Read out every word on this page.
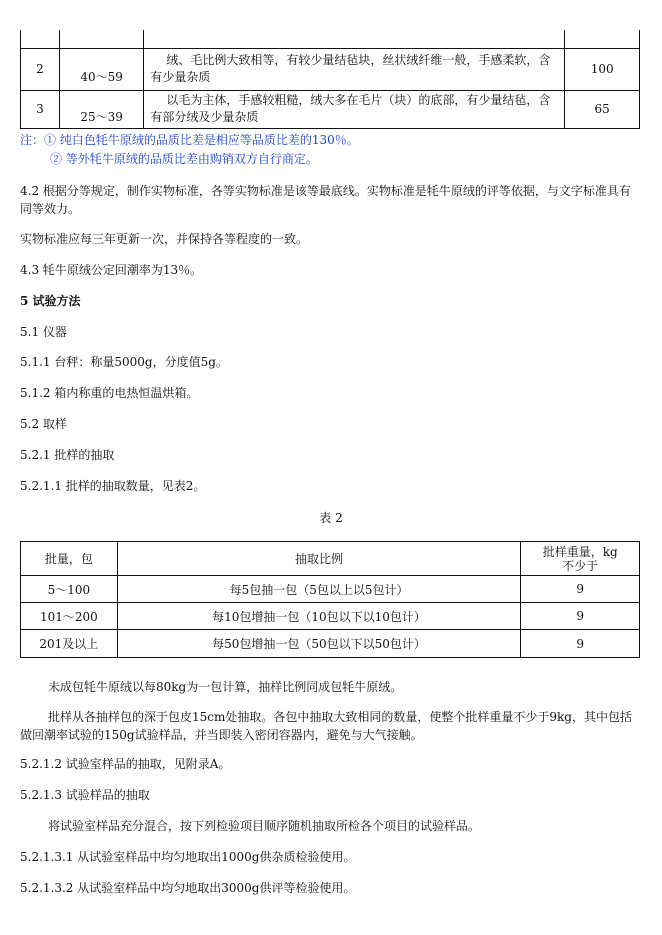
2	40～59	绒、毛比例大致相等，有较少量结毡块，丝状绒纤维一般，手感柔软，含有少量杂质	100
3	25～39	以毛为主体，手感较粗糙，绒大多在毛片（块）的底部，有少量结毡，含有部分绒及少量杂质	65
注：① 纯白色牦牛原绒的品质比差是相应等品质比差的130％。
② 等外牦牛原绒的品质比差由购销双方自行商定。
4.2 根据分等规定，制作实物标准，各等实物标准是该等最底线。实物标准是牦牛原绒的评等依据，与文字标准具有同等效力。
实物标准应每三年更新一次，并保持各等程度的一致。
4.3 牦牛原绒公定回潮率为13％。
5 试验方法
5.1 仪器
5.1.1 台秤：称量5000g，分度值5g。
5.1.2 箱内称重的电热恒温烘箱。
5.2 取样
5.2.1 批样的抽取
5.2.1.1 批样的抽取数量，见表2。
表 2
批量，包	抽取比例	批样重量，kg
不少于
5～100	每5包抽一包（5包以上以5包计）	9
101～200	每10包增抽一包（10包以下以10包计）	9
201及以上	每50包增抽一包（50包以下以50包计）	9
未成包牦牛原绒以每80kg为一包计算，抽样比例同成包牦牛原绒。
批样从各抽样包的深于包皮15cm处抽取。各包中抽取大致相同的数量，使整个批样重量不少于9kg，其中包括做回潮率试验的150g试验样品，并当即装入密闭容器内，避免与大气接触。
5.2.1.2 试验室样品的抽取，见附录A。
5.2.1.3 试验样品的抽取
将试验室样品充分混合，按下列检验项目顺序随机抽取所检各个项目的试验样品。
5.2.1.3.1 从试验室样品中均匀地取出1000g供杂质检验使用。
5.2.1.3.2 从试验室样品中均匀地取出3000g供评等检验使用。
